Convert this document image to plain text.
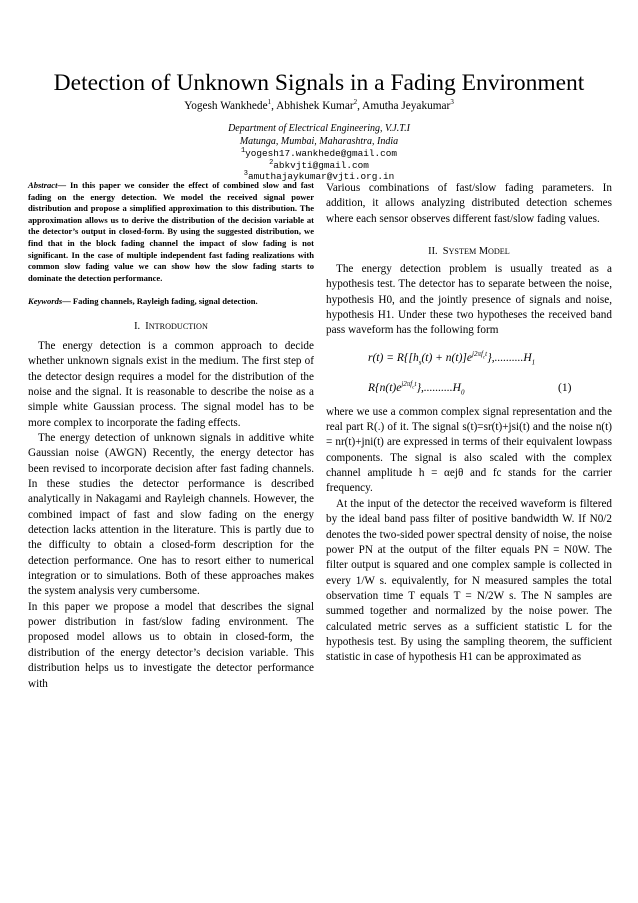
Detection of Unknown Signals in a Fading Environment
Yogesh Wankhede$^1$, Abhishek Kumar$^2$, Amutha Jeyakumar$^3$
Department of Electrical Engineering, V.J.T.I
Matunga, Mumbai, Maharashtra, India
$^1$yogesh17.wankhede@gmail.com
$^2$abkvjti@gmail.com
$^3$amuthajaykumar@vjti.org.in

Abstract— In this paper we consider the effect of combined slow and fast fading on the energy detection. We model the received signal power distribution and propose a simplified approximation to this distribution. The approximation allows us to derive the distribution of the decision variable at the detector’s output in closed-form. By using the suggested distribution, we find that in the block fading channel the impact of slow fading is not significant. In the case of multiple independent fast fading realizations with common slow fading value we can show how the slow fading starts to dominate the detection performance.

Keywords— Fading channels, Rayleigh fading, signal detection.

I. INTRODUCTION

The energy detection is a common approach to decide whether unknown signals exist in the medium. The first step of the detector design requires a model for the distribution of the noise and the signal. It is reasonable to describe the noise as a simple white Gaussian process. The signal model has to be more complex to incorporate the fading effects.

The energy detection of unknown signals in additive white Gaussian noise (AWGN) Recently, the energy detector has been revised to incorporate decision after fast fading channels. In these studies the detector performance is described analytically in Nakagami and Rayleigh channels. However, the combined impact of fast and slow fading on the energy detection lacks attention in the literature. This is partly due to the difficulty to obtain a closed-form description for the detection performance. One has to resort either to numerical integration or to simulations. Both of these approaches makes the system analysis very cumbersome.

In this paper we propose a model that describes the signal power distribution in fast/slow fading environment. The proposed model allows us to obtain in closed-form, the distribution of the energy detector’s decision variable. This distribution helps us to investigate the detector performance with

Various combinations of fast/slow fading parameters. In addition, it allows analyzing distributed detection schemes where each sensor observes different fast/slow fading values.

II. SYSTEM MODEL

The energy detection problem is usually treated as a hypothesis test. The detector has to separate between the noise, hypothesis H0, and the jointly presence of signals and noise, hypothesis H1. Under these two hypotheses the received band pass waveform has the following form

$r(t) = R\{[h_s(t) + n(t)]e^{j2\pi f_ct}\},..........H_1$
$R\{n(t)e^{j2\pi f_ct}\},..........H_0$	(1)

where we use a common complex signal representation and the real part R(.) of it. The signal s(t)=sr(t)+jsi(t) and the noise n(t) = nr(t)+jni(t) are expressed in terms of their equivalent lowpass components. The signal is also scaled with the complex channel amplitude h = αejθ and fc stands for the carrier frequency.

At the input of the detector the received waveform is filtered by the ideal band pass filter of positive bandwidth W. If N0/2 denotes the two-sided power spectral density of noise, the noise power PN at the output of the filter equals PN = N0W. The filter output is squared and one complex sample is collected in every 1/W s. equivalently, for N measured samples the total observation time T equals T = N/2W s. The N samples are summed together and normalized by the noise power. The calculated metric serves as a sufficient statistic L for the hypothesis test. By using the sampling theorem, the sufficient statistic in case of hypothesis H1 can be approximated as
